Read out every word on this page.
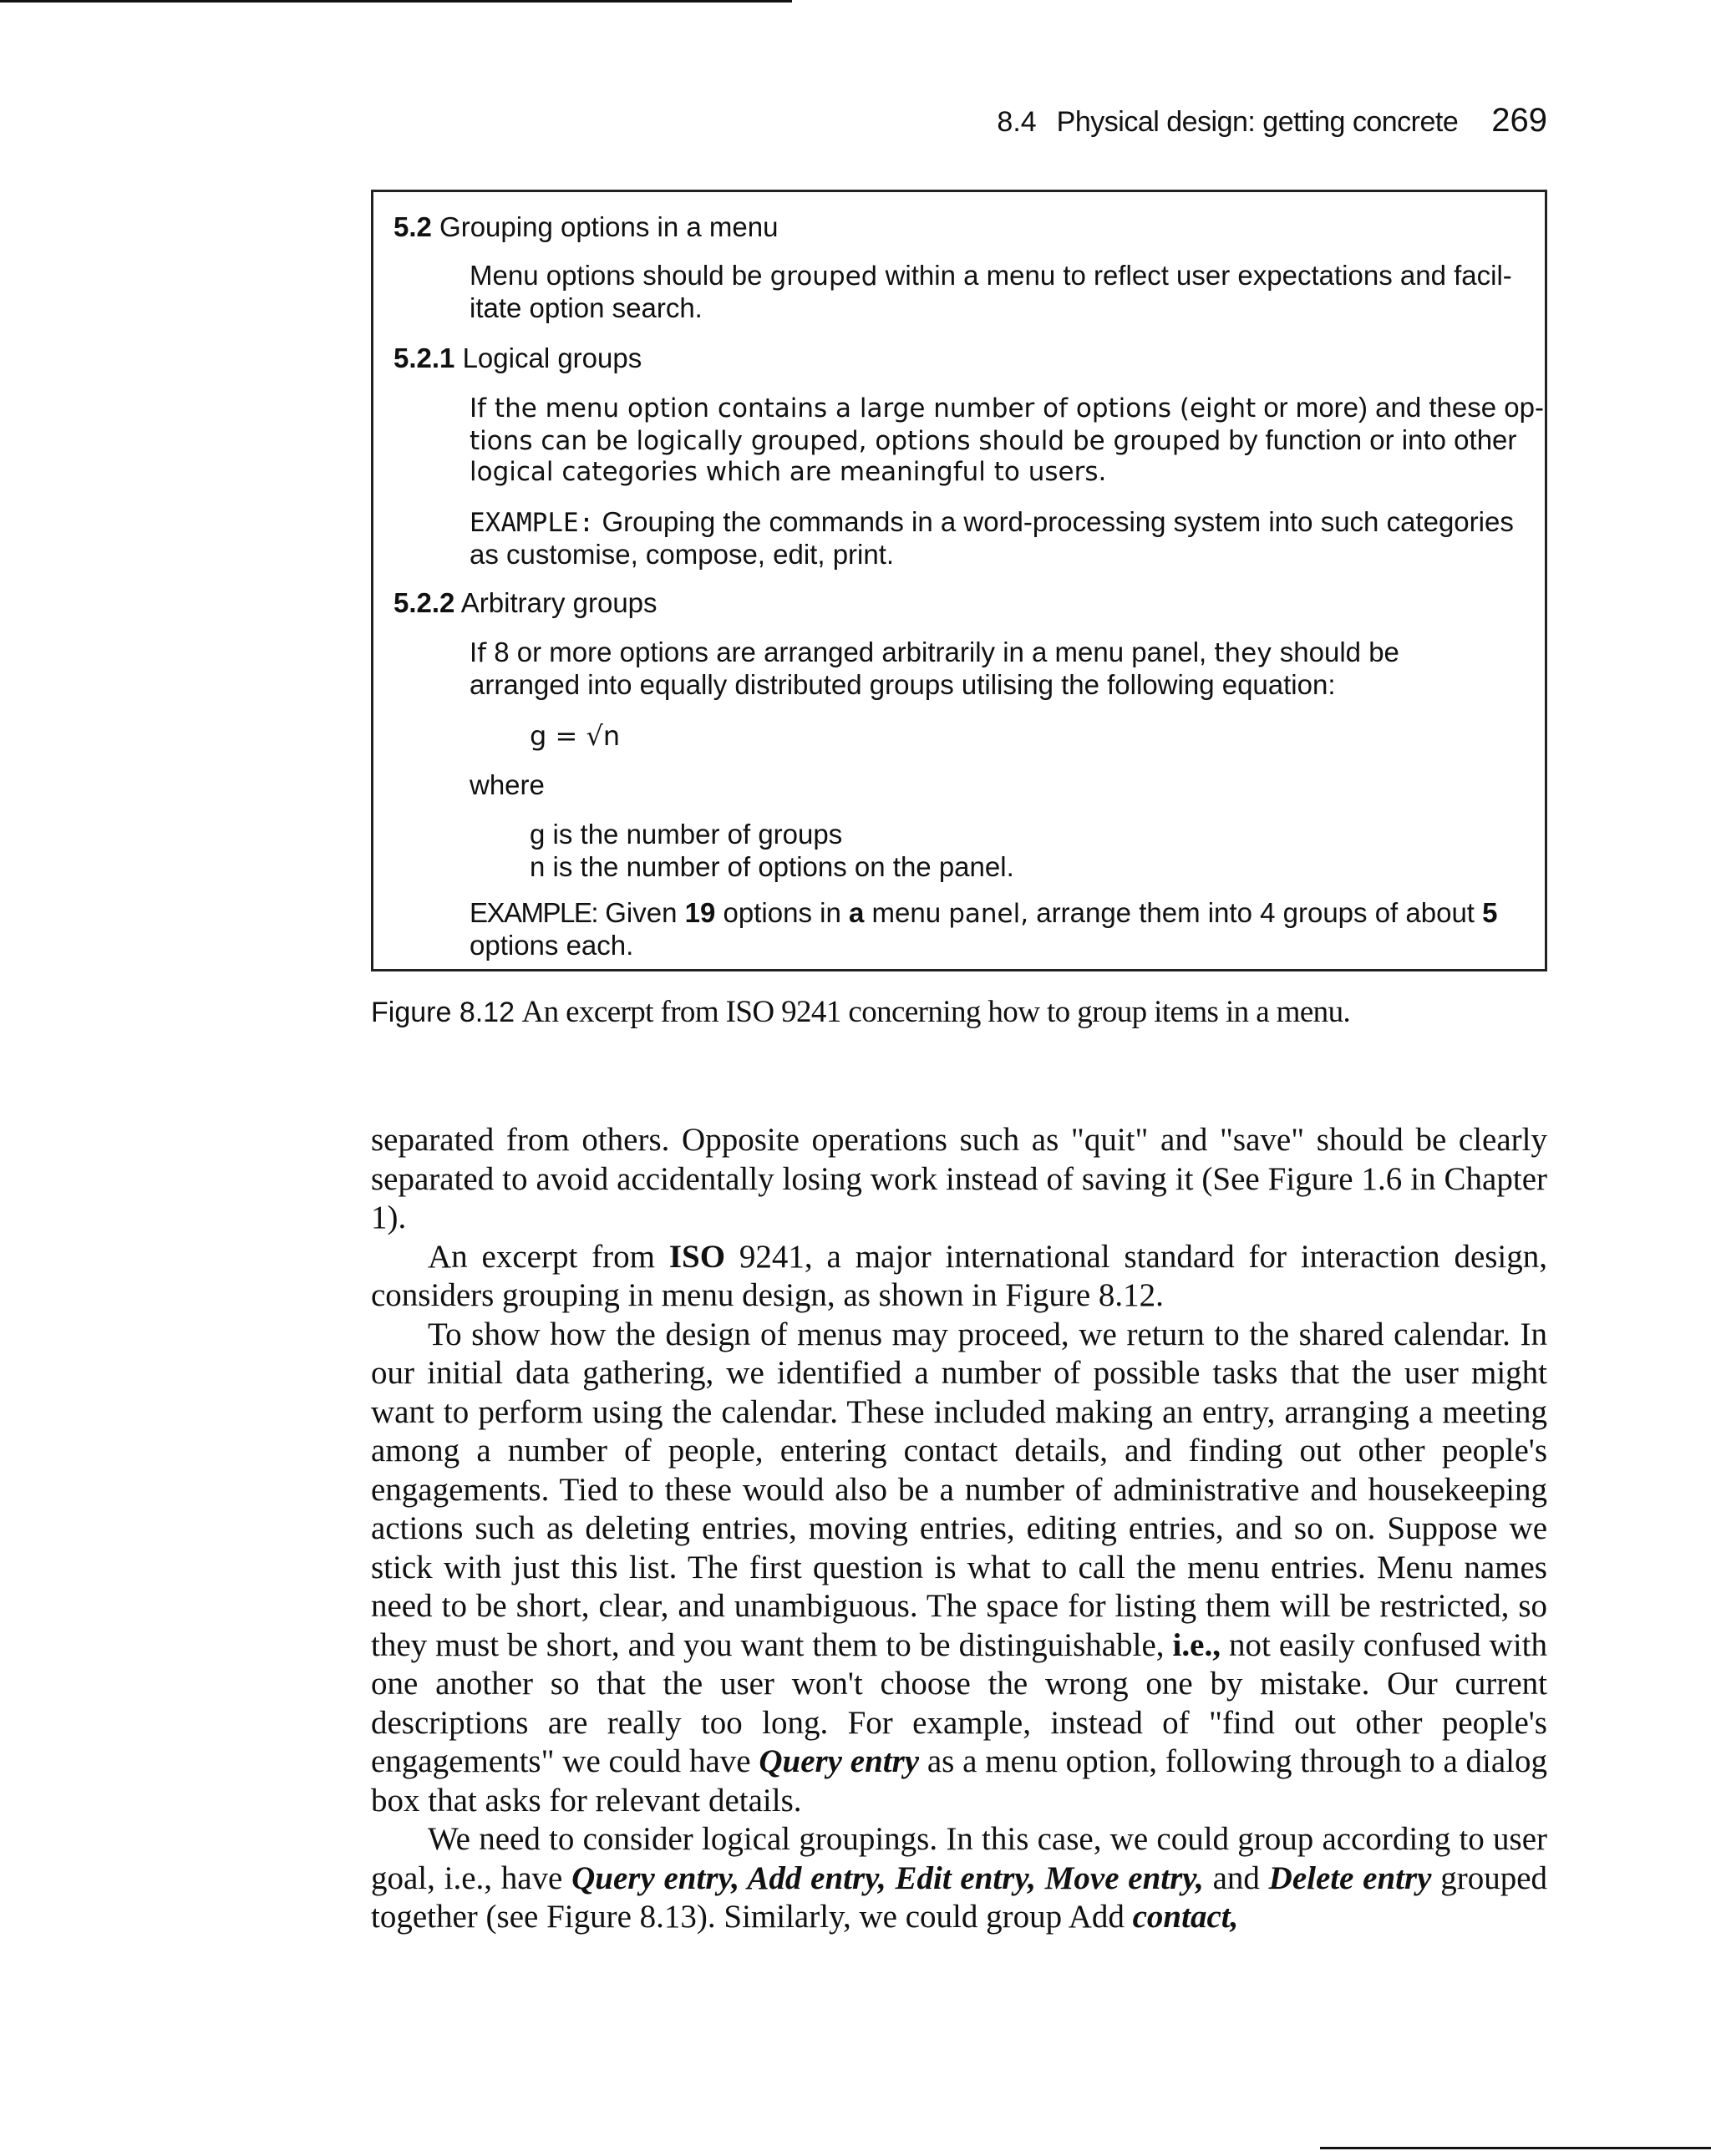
8.4 Physical design: getting concrete 269
5.2 Grouping options in a menu
Menu options should be grouped within a menu to reflect user expectations and facil-
itate option search.
5.2.1 Logical groups
If the menu option contains a large number of options (eight or more) and these op-
tions can be logically grouped, options should be grouped by function or into other
logical categories which are meaningful to users.
EXAMPLE: Grouping the commands in a word-processing system into such categories
as customise, compose, edit, print.
5.2.2 Arbitrary groups
If 8 or more options are arranged arbitrarily in a menu panel, they should be
arranged into equally distributed groups utilising the following equation:
g = √n
where
g is the number of groups
n is the number of options on the panel.
EXAMPLE: Given 19 options in a menu panel, arrange them into 4 groups of about 5
options each.
Figure 8.12 An excerpt from ISO 9241 concerning how to group items in a menu.

separated from others. Opposite operations such as "quit" and "save" should be clearly separated to avoid accidentally losing work instead of saving it (See Figure 1.6 in Chapter 1).

An excerpt from ISO 9241, a major international standard for interaction design, considers grouping in menu design, as shown in Figure 8.12.

To show how the design of menus may proceed, we return to the shared calendar. In our initial data gathering, we identified a number of possible tasks that the user might want to perform using the calendar. These included making an entry, arranging a meeting among a number of people, entering contact details, and finding out other people's engagements. Tied to these would also be a number of administrative and housekeeping actions such as deleting entries, moving entries, editing entries, and so on. Suppose we stick with just this list. The first question is what to call the menu entries. Menu names need to be short, clear, and unambiguous. The space for listing them will be restricted, so they must be short, and you want them to be distinguishable, i.e., not easily confused with one another so that the user won't choose the wrong one by mistake. Our current descriptions are really too long. For example, instead of "find out other people's engagements" we could have Query entry as a menu option, following through to a dialog box that asks for relevant details.

We need to consider logical groupings. In this case, we could group according to user goal, i.e., have Query entry, Add entry, Edit entry, Move entry, and Delete entry grouped together (see Figure 8.13). Similarly, we could group Add contact,
